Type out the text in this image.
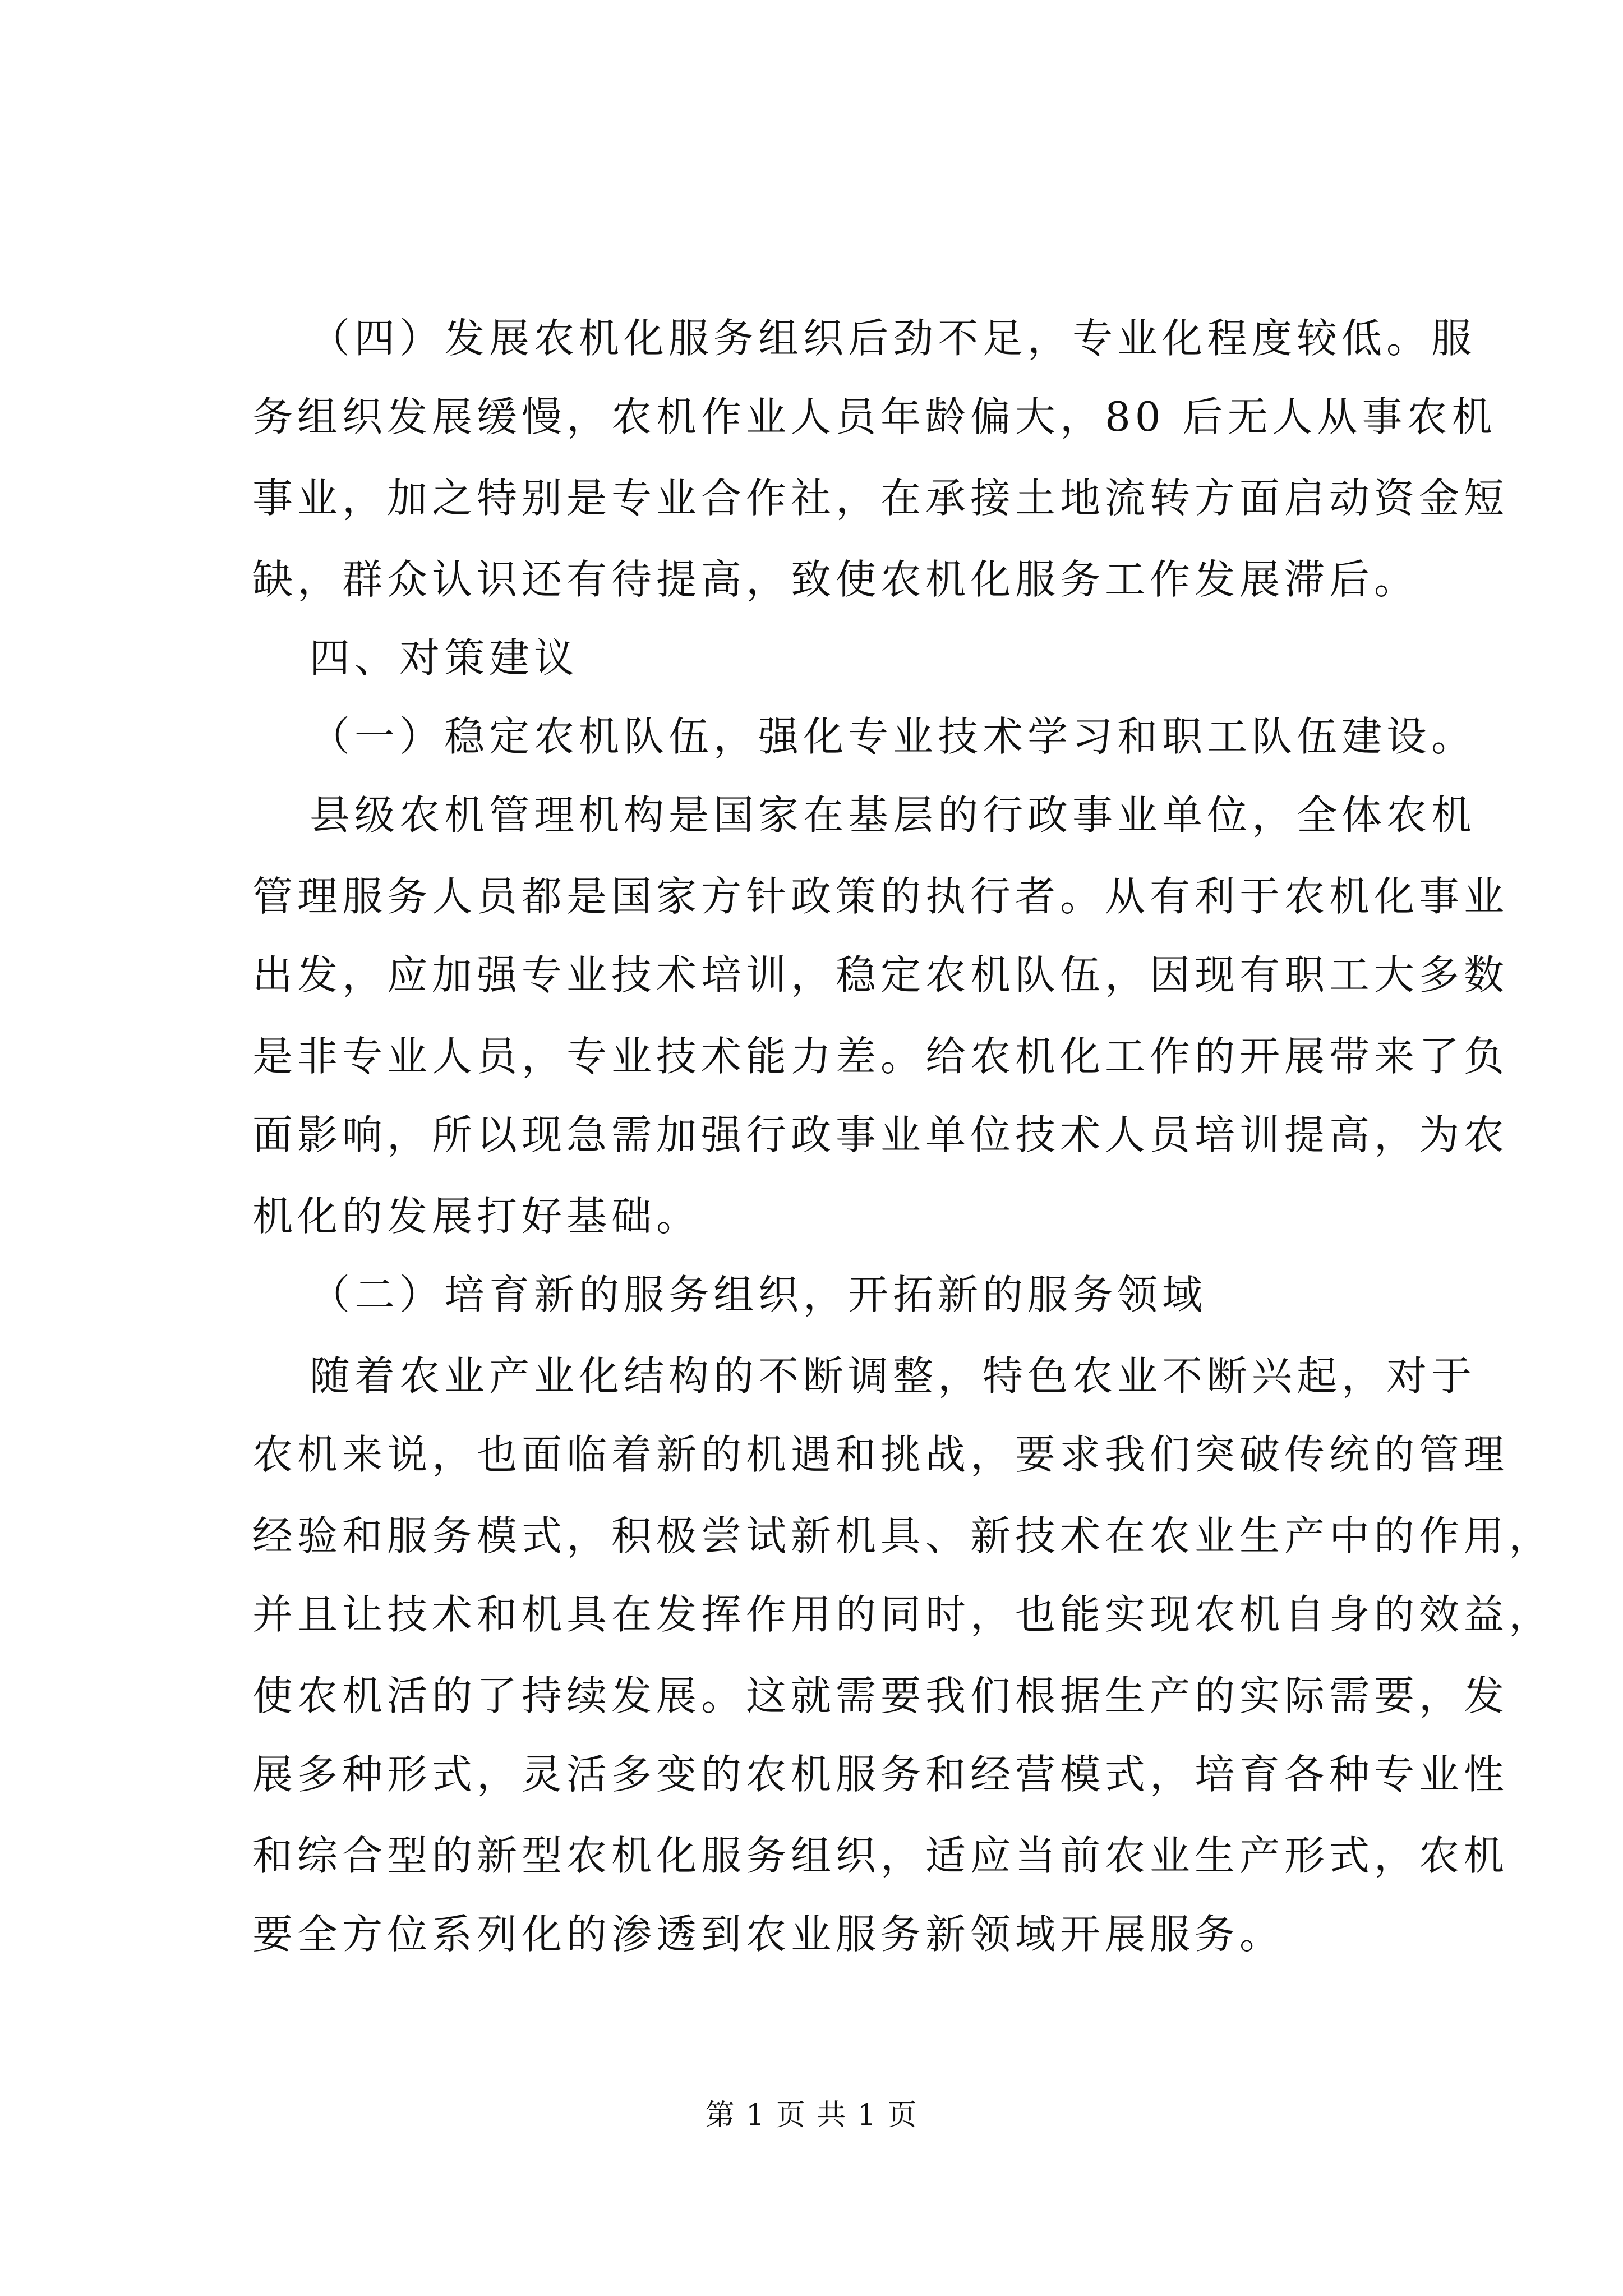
（四）发展农机化服务组织后劲不足，专业化程度较低。服
务组织发展缓慢，农机作业人员年龄偏大，80 后无人从事农机
事业，加之特别是专业合作社，在承接土地流转方面启动资金短
缺，群众认识还有待提高，致使农机化服务工作发展滞后。
四、对策建议
（一）稳定农机队伍，强化专业技术学习和职工队伍建设。
县级农机管理机构是国家在基层的行政事业单位，全体农机
管理服务人员都是国家方针政策的执行者。从有利于农机化事业
出发，应加强专业技术培训，稳定农机队伍，因现有职工大多数
是非专业人员，专业技术能力差。给农机化工作的开展带来了负
面影响，所以现急需加强行政事业单位技术人员培训提高，为农
机化的发展打好基础。
（二）培育新的服务组织，开拓新的服务领域
随着农业产业化结构的不断调整，特色农业不断兴起，对于
农机来说，也面临着新的机遇和挑战，要求我们突破传统的管理
经验和服务模式，积极尝试新机具、新技术在农业生产中的作用，
并且让技术和机具在发挥作用的同时，也能实现农机自身的效益，
使农机活的了持续发展。这就需要我们根据生产的实际需要，发
展多种形式，灵活多变的农机服务和经营模式，培育各种专业性
和综合型的新型农机化服务组织，适应当前农业生产形式，农机
要全方位系列化的渗透到农业服务新领域开展服务。
第 1 页 共 1 页
